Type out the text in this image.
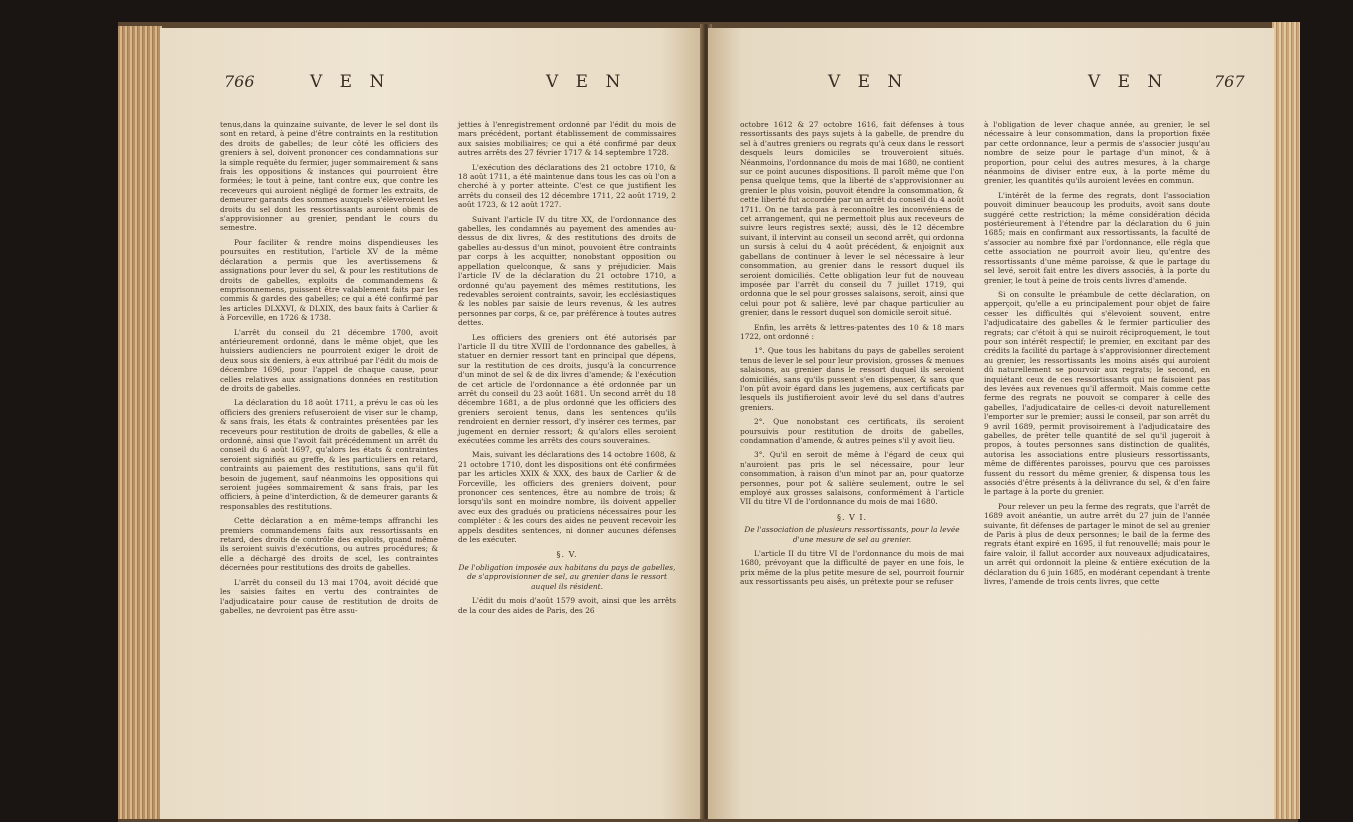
766	V E N	V E N

tenus,dans la quinzaine suivante, de lever le sel dont ils sont en retard, à peine d'être contraints en la restitution des droits de gabelles; de leur côté les officiers des greniers à sel, doivent prononcer ces condamnations sur la simple requête du fermier, juger sommairement & sans frais les oppositions & instances qui pourroient être formées; le tout à peine, tant contre eux, que contre les receveurs qui auroient négligé de former les extraits, de demeurer garants des sommes auxquels s'élèveroient les droits du sel dont les ressortissants auroient obmis de s'approvisionner au grenier, pendant le cours du semestre.

Pour faciliter & rendre moins dispendieuses les poursuites en restitution, l'article XV de la même déclaration a permis que les avertissemens & assignations pour lever du sel, & pour les restitutions de droits de gabelles, exploits de commandemens & emprisonnemens, puissent être valablement faits par les commis & gardes des gabelles; ce qui a été confirmé par les articles DLXXVI, & DLXIX, des baux faits à Carlier & à Forceville, en 1726 & 1738.

L'arrêt du conseil du 21 décembre 1700, avoit antérieurement ordonné, dans le même objet, que les huissiers audienciers ne pourroient exiger le droit de deux sous six deniers, à eux attribué par l'édit du mois de décembre 1696, pour l'appel de chaque cause, pour celles relatives aux assignations données en restitution de droits de gabelles.

La déclaration du 18 août 1711, a prévu le cas où les officiers des greniers refuseroient de viser sur le champ, & sans frais, les états & contraintes présentées par les receveurs pour restitution de droits de gabelles, & elle a ordonné, ainsi que l'avoit fait précédemment un arrêt du conseil du 6 août 1697, qu'alors les états & contraintes seroient signifiés au greffe, & les particuliers en retard, contraints au paiement des restitutions, sans qu'il fût besoin de jugement, sauf néanmoins les oppositions qui seroient jugées sommairement & sans frais, par les officiers, à peine d'interdiction, & de demeurer garants & responsables des restitutions.

Cette déclaration a en même-temps affranchi les premiers commandemens faits aux ressortissants en retard, des droits de contrôle des exploits, quand même ils seroient suivis d'exécutions, ou autres procédures; & elle a déchargé des droits de scel, les contraintes décernées pour restitutions des droits de gabelles.

L'arrêt du conseil du 13 mai 1704, avoit décidé que les saisies faites en vertu des contraintes de l'adjudicataire pour cause de restitution de droits de gabelles, ne devroient pas être assu-

jetties à l'enregistrement ordonné par l'édit du mois de mars précédent, portant établissement de commissaires aux saisies mobiliaires; ce qui a été confirmé par deux autres arrêts des 27 février 1717 & 14 septembre 1728.

L'exécution des déclarations des 21 octobre 1710, & 18 août 1711, a été maintenue dans tous les cas où l'on a cherché à y porter atteinte. C'est ce que justifient les arrêts du conseil des 12 décembre 1711, 22 août 1719, 2 août 1723, & 12 août 1727.

Suivant l'article IV du titre XX, de l'ordonnance des gabelles, les condamnés au payement des amendes au-dessus de dix livres, & des restitutions des droits de gabelles au-dessus d'un minot, pouvoient être contraints par corps à les acquitter, nonobstant opposition ou appellation quelconque, & sans y préjudicier. Mais l'article IV de la déclaration du 21 octobre 1710, a ordonné qu'au payement des mêmes restitutions, les redevables seroient contraints, savoir, les ecclésiastiques & les nobles par saisie de leurs revenus, & les autres personnes par corps, & ce, par préférence à toutes autres dettes.

Les officiers des greniers ont été autorisés par l'article II du titre XVIII de l'ordonnance des gabelles, à statuer en dernier ressort tant en principal que dépens, sur la restitution de ces droits, jusqu'à la concurrence d'un minot de sel & de dix livres d'amende; & l'exécution de cet article de l'ordonnance a été ordonnée par un arrêt du conseil du 23 août 1681. Un second arrêt du 18 décembre 1681, a de plus ordonné que les officiers des greniers seroient tenus, dans les sentences qu'ils rendroient en dernier ressort, d'y insérer ces termes, par jugement en dernier ressort; & qu'alors elles seroient exécutées comme les arrêts des cours souveraines.

Mais, suivant les déclarations des 14 octobre 1608, & 21 octobre 1710, dont les dispositions ont été confirmées par les articles XXIX & XXX, des baux de Carlier & de Forceville, les officiers des greniers doivent, pour prononcer ces sentences, être au nombre de trois; & lorsqu'ils sont en moindre nombre, ils doivent appeller avec eux des gradués ou praticiens nécessaires pour les compléter : & les cours des aides ne peuvent recevoir les appels desdites sentences, ni donner aucunes défenses de les exécuter.

§. V.

De l'obligation imposée aux habitans du pays de gabelles, de s'approvisionner de sel, au grenier dans le ressort auquel ils résident.

L'édit du mois d'août 1579 avoit, ainsi que les arrêts de la cour des aides de Paris, des 26

V E N	V E N	767

octobre 1612 & 27 octobre 1616, fait défenses à tous ressortissants des pays sujets à la gabelle, de prendre du sel à d'autres greniers ou regrats qu'à ceux dans le ressort desquels leurs domiciles se trouveroient situés. Néanmoins, l'ordonnance du mois de mai 1680, ne contient sur ce point aucunes dispositions. Il paroît même que l'on pensa quelque tems, que la liberté de s'approvisionner au grenier le plus voisin, pouvoit étendre la consommation, & cette liberté fut accordée par un arrêt du conseil du 4 août 1711. On ne tarda pas à reconnoître les inconvéniens de cet arrangement, qui ne permettoit plus aux receveurs de suivre leurs registres sexté; aussi, dès le 12 décembre suivant, il intervint au conseil un second arrêt, qui ordonna un sursis à celui du 4 août précédent, & enjoignit aux gabellans de continuer à lever le sel nécessaire à leur consommation, au grenier dans le ressort duquel ils seroient domiciliés. Cette obligation leur fut de nouveau imposée par l'arrêt du conseil du 7 juillet 1719, qui ordonna que le sel pour grosses salaisons, seroit, ainsi que celui pour pot & salière, levé par chaque particulier au grenier, dans le ressort duquel son domicile seroit situé.

Enfin, les arrêts & lettres-patentes des 10 & 18 mars 1722, ont ordonné :

1°. Que tous les habitans du pays de gabelles seroient tenus de lever le sel pour leur provision, grosses & menues salaisons, au grenier dans le ressort duquel ils seroient domiciliés, sans qu'ils pussent s'en dispenser, & sans que l'on pût avoir égard dans les jugemens, aux certificats par lesquels ils justifieroient avoir levé du sel dans d'autres greniers.

2°. Que nonobstant ces certificats, ils seroient poursuivis pour restitution de droits de gabelles, condamnation d'amende, & autres peines s'il y avoit lieu.

3°. Qu'il en seroit de même à l'égard de ceux qui n'auroient pas pris le sel nécessaire, pour leur consommation, à raison d'un minot par an, pour quatorze personnes, pour pot & salière seulement, outre le sel employé aux grosses salaisons, conformément à l'article VII du titre VI de l'ordonnance du mois de mai 1680.

§. V I.

De l'association de plusieurs ressortissants, pour la levée d'une mesure de sel au grenier.

L'article II du titre VI de l'ordonnance du mois de mai 1680, prévoyant que la difficulté de payer en une fois, le prix même de la plus petite mesure de sel, pourroit fournir aux ressortissants peu aisés, un prétexte pour se refuser

à l'obligation de lever chaque année, au grenier, le sel nécessaire à leur consommation, dans la proportion fixée par cette ordonnance, leur a permis de s'associer jusqu'au nombre de seize pour le partage d'un minot, & à proportion, pour celui des autres mesures, à la charge néanmoins de diviser entre eux, à la porte même du grenier, les quantités qu'ils auroient levées en commun.

L'intérêt de la ferme des regrats, dont l'association pouvoit diminuer beaucoup les produits, avoit sans doute suggéré cette restriction; la même considération décida postérieurement à l'étendre par la déclaration du 6 juin 1685; mais en confirmant aux ressortissants, la faculté de s'associer au nombre fixé par l'ordonnance, elle régla que cette association ne pourroit avoir lieu, qu'entre des ressortissants d'une même paroisse, & que le partage du sel levé, seroit fait entre les divers associés, à la porte du grenier, le tout à peine de trois cents livres d'amende.

Si on consulte le préambule de cette déclaration, on apperçoit, qu'elle a eu principalement pour objet de faire cesser les difficultés qui s'élevoient souvent, entre l'adjudicataire des gabelles & le fermier particulier des regrats; car c'étoit à qui se nuiroit réciproquement, le tout pour son intérêt respectif; le premier, en excitant par des crédits la facilité du partage à s'approvisionner directement au grenier, les ressortissants les moins aisés qui auroient dû naturellement se pourvoir aux regrats; le second, en inquiétant ceux de ces ressortissants qui ne faisoient pas des levées aux revenues qu'il affermoit. Mais comme cette ferme des regrats ne pouvoit se comparer à celle des gabelles, l'adjudicataire de celles-ci devoit naturellement l'emporter sur le premier; aussi le conseil, par son arrêt du 9 avril 1689, permit provisoirement à l'adjudicataire des gabelles, de prêter telle quantité de sel qu'il jugeroit à propos, à toutes personnes sans distinction de qualités, autorisa les associations entre plusieurs ressortissants, même de différentes paroisses, pourvu que ces paroisses fussent du ressort du même grenier, & dispensa tous les associés d'être présents à la délivrance du sel, & d'en faire le partage à la porte du grenier.

Pour relever un peu la ferme des regrats, que l'arrêt de 1689 avoit anéantie, un autre arrêt du 27 juin de l'année suivante, fit défenses de partager le minot de sel au grenier de Paris à plus de deux personnes; le bail de la ferme des regrats étant expiré en 1695, il fut renouvellé; mais pour le faire valoir, il fallut accorder aux nouveaux adjudicataires, un arrêt qui ordonnoit la pleine & entière exécution de la déclaration du 6 juin 1685, en modérant cependant à trente livres, l'amende de trois cents livres, que cette
